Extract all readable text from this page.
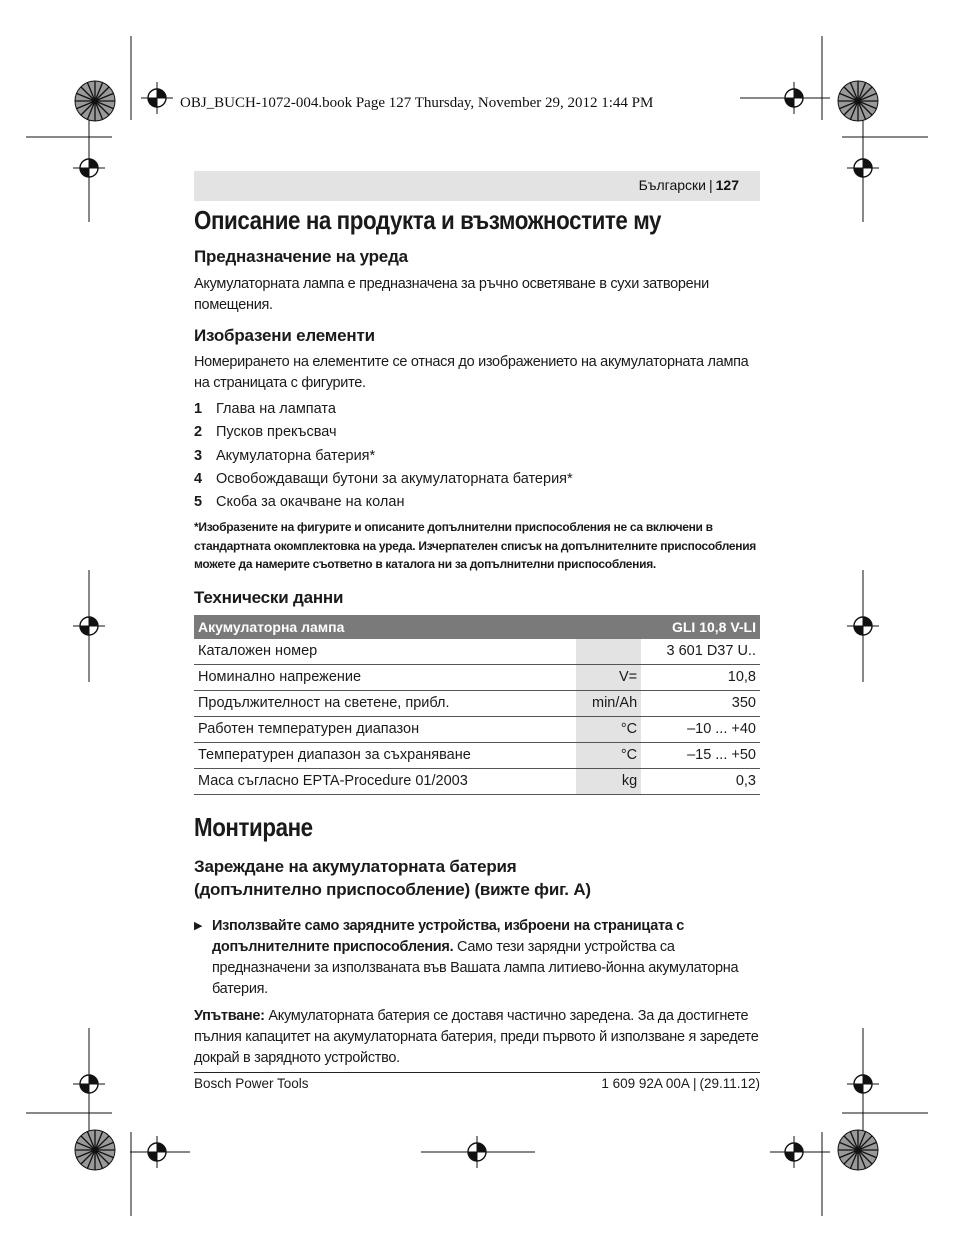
OBJ_BUCH-1072-004.book Page 127 Thursday, November 29, 2012 1:44 PM
Български | 127
Описание на продукта и възможностите му
Предназначение на уреда

Акумулаторната лампа е предназначена за ръчно осветяване в сухи затворени помещения.

Изобразени елементи

Номерирането на елементите се отнася до изображението на акумулаторната лампа на страницата с фигурите.

1 Глава на лампата
2 Пусков прекъсвач
3 Акумулаторна батерия*
4 Освобождаващи бутони за акумулаторната батерия*
5 Скоба за окачване на колан

*Изобразените на фигурите и описаните допълнителни приспособления не са включени в стандартната окомплектовка на уреда. Изчерпателен списък на допълнителните приспособления можете да намерите съответно в каталога ни за допълнителни приспособления.

Технически данни
Акумулаторна лампа		GLI 10,8 V-LI
Каталожен номер		3 601 D37 U..
Номинално напрежение	V=	10,8
Продължителност на светене, прибл.	min/Ah	350
Работен температурен диапазон	°C	–10 ... +40
Температурен диапазон за съхраняване	°C	–15 ... +50
Маса съгласно EPTA-Procedure 01/2003	kg	0,3
Монтиране
Зареждане на акумулаторната батерия
(допълнително приспособление) (вижте фиг. А)
▶ Използвайте само зарядните устройства, изброени на страницата с допълнителните приспособления. Само тези зарядни устройства са предназначени за използваната във Вашата лампа литиево-йонна акумулаторна батерия.

Упътване: Акумулаторната батерия се доставя частично заредена. За да достигнете пълния капацитет на акумулаторната батерия, преди първото й използване я заредете докрай в зарядното устройство.

Bosch Power Tools	1 609 92A 00A | (29.11.12)
